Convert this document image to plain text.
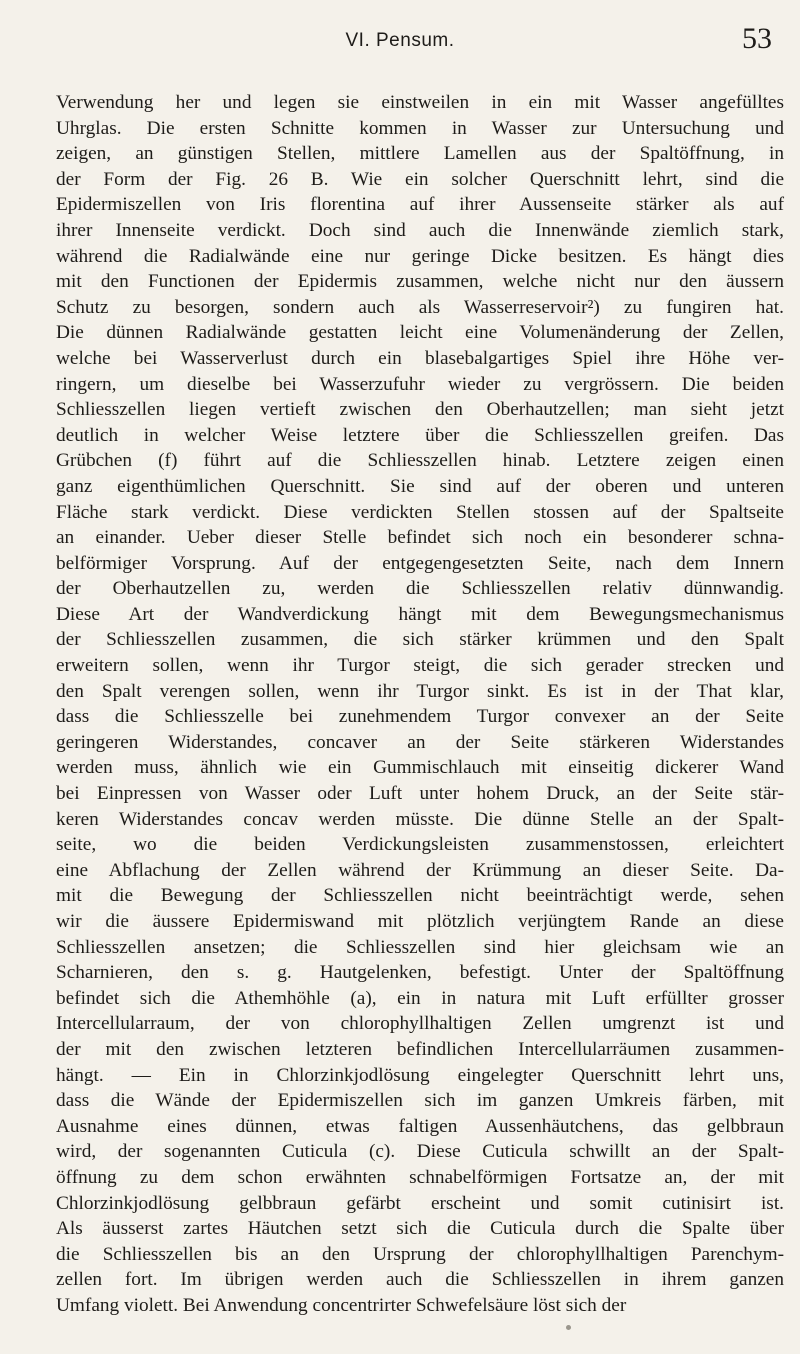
VI. Pensum.	53
Verwendung her und legen sie einstweilen in ein mit Wasser angefülltes
Uhrglas. Die ersten Schnitte kommen in Wasser zur Untersuchung und
zeigen, an günstigen Stellen, mittlere Lamellen aus der Spaltöffnung, in
der Form der Fig. 26 B. Wie ein solcher Querschnitt lehrt, sind die
Epidermiszellen von Iris florentina auf ihrer Aussenseite stärker als auf
ihrer Innenseite verdickt. Doch sind auch die Innenwände ziemlich stark,
während die Radialwände eine nur geringe Dicke besitzen. Es hängt dies
mit den Functionen der Epidermis zusammen, welche nicht nur den äussern
Schutz zu besorgen, sondern auch als Wasserreservoir²) zu fungiren hat.
Die dünnen Radialwände gestatten leicht eine Volumenänderung der Zellen,
welche bei Wasserverlust durch ein blasebalgartiges Spiel ihre Höhe ver-
ringern, um dieselbe bei Wasserzufuhr wieder zu vergrössern. Die beiden
Schliesszellen liegen vertieft zwischen den Oberhautzellen; man sieht jetzt
deutlich in welcher Weise letztere über die Schliesszellen greifen. Das
Grübchen (f) führt auf die Schliesszellen hinab. Letztere zeigen einen
ganz eigenthümlichen Querschnitt. Sie sind auf der oberen und unteren
Fläche stark verdickt. Diese verdickten Stellen stossen auf der Spaltseite
an einander. Ueber dieser Stelle befindet sich noch ein besonderer schna-
belförmiger Vorsprung. Auf der entgegengesetzten Seite, nach dem Innern
der Oberhautzellen zu, werden die Schliesszellen relativ dünnwandig.
Diese Art der Wandverdickung hängt mit dem Bewegungsmechanismus
der Schliesszellen zusammen, die sich stärker krümmen und den Spalt
erweitern sollen, wenn ihr Turgor steigt, die sich gerader strecken und
den Spalt verengen sollen, wenn ihr Turgor sinkt. Es ist in der That klar,
dass die Schliesszelle bei zunehmendem Turgor convexer an der Seite
geringeren Widerstandes, concaver an der Seite stärkeren Widerstandes
werden muss, ähnlich wie ein Gummischlauch mit einseitig dickerer Wand
bei Einpressen von Wasser oder Luft unter hohem Druck, an der Seite stär-
keren Widerstandes concav werden müsste. Die dünne Stelle an der Spalt-
seite, wo die beiden Verdickungsleisten zusammenstossen, erleichtert
eine Abflachung der Zellen während der Krümmung an dieser Seite. Da-
mit die Bewegung der Schliesszellen nicht beeinträchtigt werde, sehen
wir die äussere Epidermiswand mit plötzlich verjüngtem Rande an diese
Schliesszellen ansetzen; die Schliesszellen sind hier gleichsam wie an
Scharnieren, den s. g. Hautgelenken, befestigt. Unter der Spaltöffnung
befindet sich die Athemhöhle (a), ein in natura mit Luft erfüllter grosser
Intercellularraum, der von chlorophyllhaltigen Zellen umgrenzt ist und
der mit den zwischen letzteren befindlichen Intercellularräumen zusammen-
hängt. — Ein in Chlorzinkjodlösung eingelegter Querschnitt lehrt uns,
dass die Wände der Epidermiszellen sich im ganzen Umkreis färben, mit
Ausnahme eines dünnen, etwas faltigen Aussenhäutchens, das gelbbraun
wird, der sogenannten Cuticula (c). Diese Cuticula schwillt an der Spalt-
öffnung zu dem schon erwähnten schnabelförmigen Fortsatze an, der mit
Chlorzinkjodlösung gelbbraun gefärbt erscheint und somit cutinisirt ist.
Als äusserst zartes Häutchen setzt sich die Cuticula durch die Spalte über
die Schliesszellen bis an den Ursprung der chlorophyllhaltigen Parenchym-
zellen fort. Im übrigen werden auch die Schliesszellen in ihrem ganzen
Umfang violett. Bei Anwendung concentrirter Schwefelsäure löst sich der
